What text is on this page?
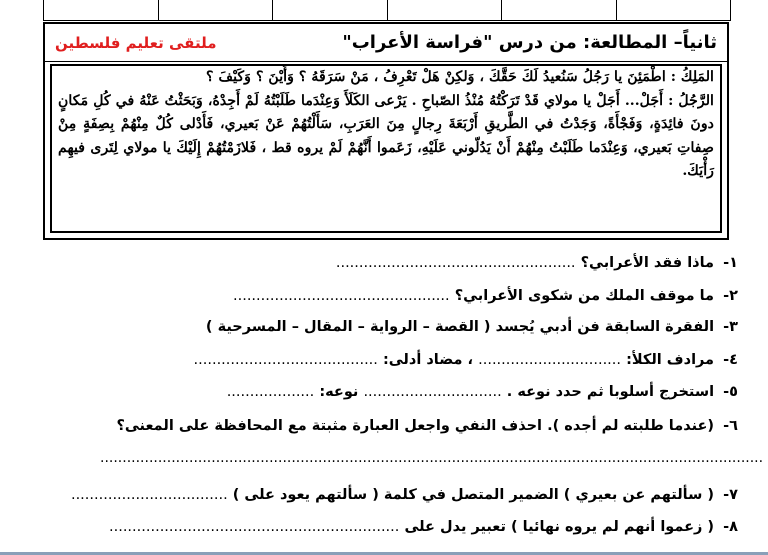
ثانياً– المطالعة: من درس "فراسة الأعراب"
ملتقى تعليم فلسطين

المَلِكُ : اطْمَئِنَ يا رَجُلُ سَنُعيدُ لَكَ حَقَّكَ ، وَلكِنْ هَلْ تَعْرِفُ ، مَنْ سَرَقَهُ ؟ وَأَيْنَ ؟ وَكَيْفَ ؟

الرَّجُلُ : أَجَلْ... أَجَلْ يا مولاي قَدْ تَرَكْتُهُ مُنْذُ الصّباحِ . يَرْعى الكَلَأَ وَعِنْدَما طَلَبْتُهُ لَمْ أَجِدْهُ، وَبَحَثْتُ عَنْهُ في كُلِ مَكانٍ دونَ فائِدَةٍ، وَفَجْأَةً، وَجَدْتُ في الطَّريقِ أَرْبَعَةَ رِجالٍ مِنَ العَرَبِ، سَأَلْتُهُمْ عَنْ بَعيري، فَأَدْلى كُلٌ مِنْهُمْ بِصِفَةٍ مِنْ صِفاتِ بَعيري، وَعِنْدَما طَلَبْتُ مِنْهُمْ أَنْ يَدُلّوني عَلَيْهِ، زَعَموا أَنَّهُمْ لَمْ يروه قط ، فَلازَمْتُهُمْ إِلَيْكَ يا مولاي لِتَرى فيهِم رَأْيَكَ.

١- ماذا فقد الأعرابي؟ ....................................................
٢- ما موقف الملك من شكوى الأعرابي؟ ...............................................
٣- الفقرة السابقة فن أدبي يُجسد ( القصة – الرواية – المقال – المسرحية )
٤- مرادف الكلأ: ............................... ، مضاد أدلى: ........................................
٥- استخرج أسلوبا ثم حدد نوعه . .............................. نوعه: ...................
٦- (عندما طلبته لم أجده ). احذف النفي واجعل العبارة مثبتة مع المحافظة على المعنى؟
.....................................................................................................................................................
٧- ( سألتهم عن بعيري ) الضمير المتصل في كلمة ( سألتهم يعود على ) ..................................
٨- ( زعموا أنهم لم يروه نهائيا ) تعبير يدل على ...............................................................
